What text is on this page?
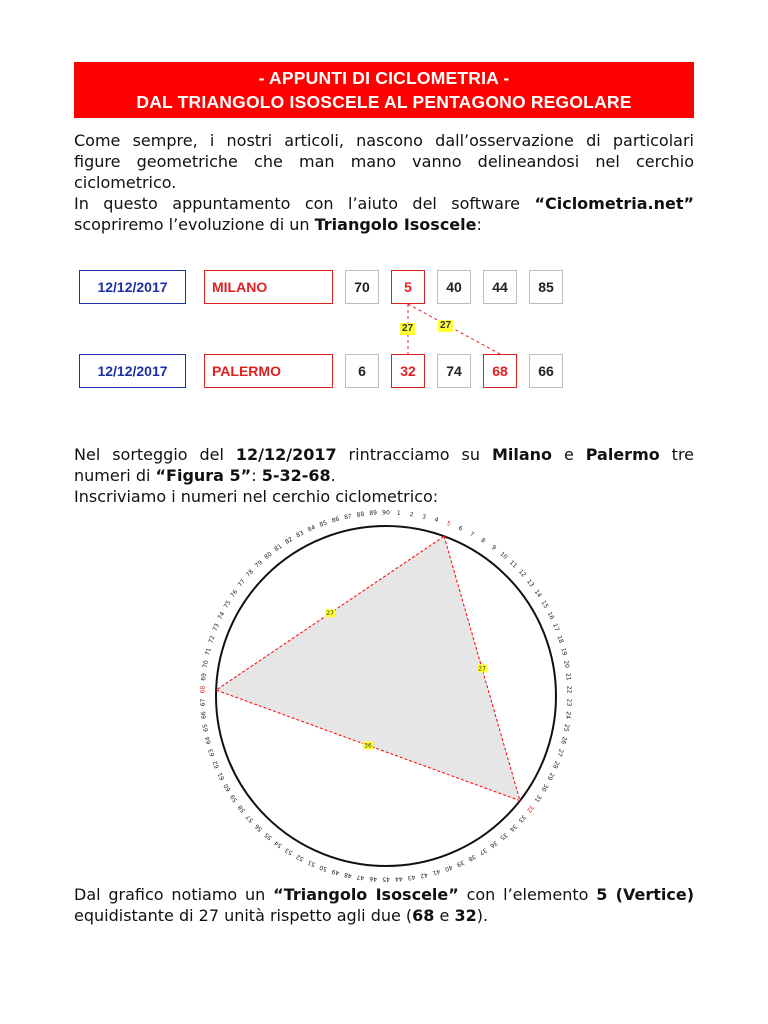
- APPUNTI DI CICLOMETRIA -
DAL TRIANGOLO ISOSCELE AL PENTAGONO REGOLARE
Come sempre, i nostri articoli, nascono dall’osservazione di particolari
figure geometriche che man mano vanno delineandosi nel cerchio
ciclometrico.
In questo appuntamento con l’aiuto del software “Ciclometria.net”
scopriremo l’evoluzione di un Triangolo Isoscele:
12/12/2017	MILANO	70	5	40	44	85
27	27
12/12/2017	PALERMO	6	32	74	68	66
Nel sorteggio del 12/12/2017 rintracciamo su Milano e Palermo tre
numeri di “Figura 5”: 5-32-68.
Inscriviamo i numeri nel cerchio ciclometrico:
1 2 3 4 5
6
7
8
9
10
11
12
13
14
15
16
17
18
19
20
21
22
23
24
25
26
27
28
29
30
31
32
33
34
35
36
37
38
39
40
41
42
43
44
45
46
47
48
49
50
51
52
53
54
55
56
57
58
59
60
61
62
63
64
65
66
67
68
69
70
71
72
73
74
75
76
77
78
79
80
81
82
83
84
85 86 87 88 89 90
27
27
36
Dal grafico notiamo un “Triangolo Isoscele” con l’elemento 5 (Vertice)
equidistante di 27 unità rispetto agli due (68 e 32).
